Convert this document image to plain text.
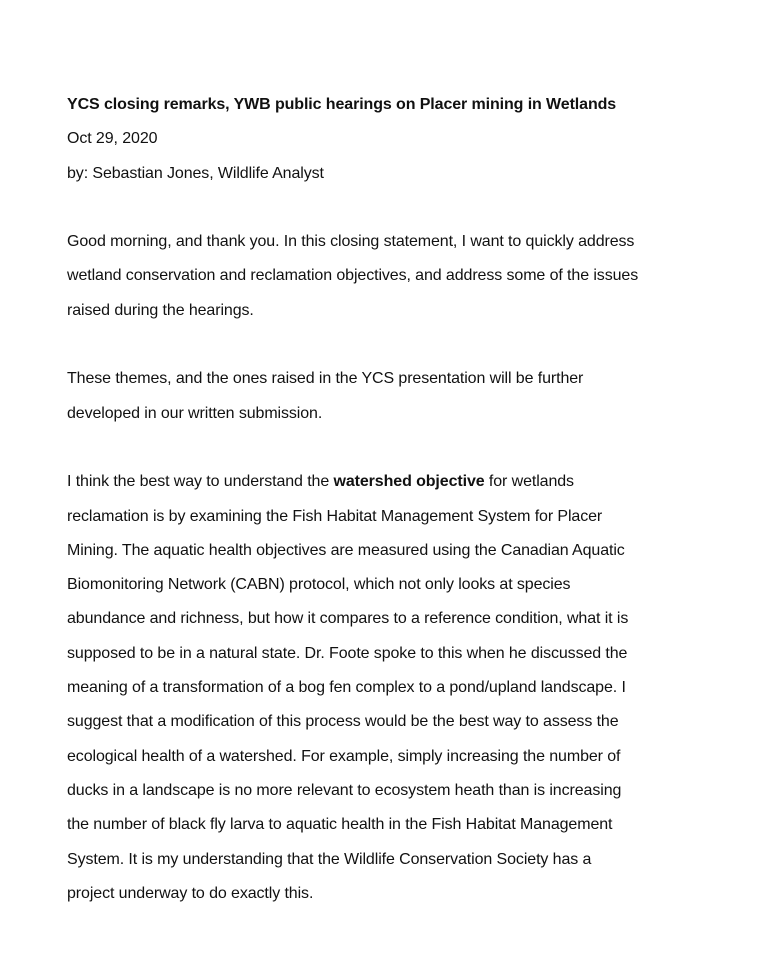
YCS closing remarks, YWB public hearings on Placer mining in Wetlands
Oct 29, 2020
by: Sebastian Jones, Wildlife Analyst
Good morning, and thank you. In this closing statement, I want to quickly address
wetland conservation and reclamation objectives, and address some of the issues
raised during the hearings.
These themes, and the ones raised in the YCS presentation will be further
developed in our written submission.
I think the best way to understand the watershed objective for wetlands
reclamation is by examining the Fish Habitat Management System for Placer
Mining. The aquatic health objectives are measured using the Canadian Aquatic
Biomonitoring Network (CABN) protocol, which not only looks at species
abundance and richness, but how it compares to a reference condition, what it is
supposed to be in a natural state. Dr. Foote spoke to this when he discussed the
meaning of a transformation of a bog fen complex to a pond/upland landscape. I
suggest that a modification of this process would be the best way to assess the
ecological health of a watershed. For example, simply increasing the number of
ducks in a landscape is no more relevant to ecosystem heath than is increasing
the number of black fly larva to aquatic health in the Fish Habitat Management
System. It is my understanding that the Wildlife Conservation Society has a
project underway to do exactly this.
